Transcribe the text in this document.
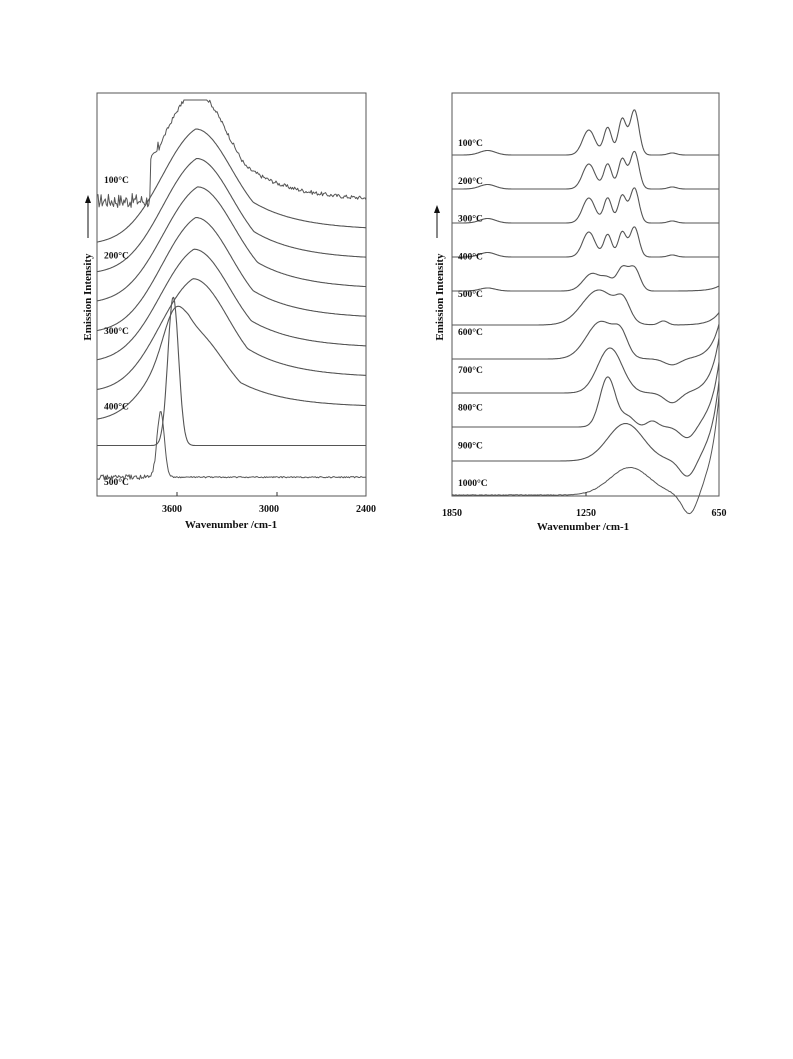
100°C
200°C
300°C
400°C
500°C
3600	3000	2400
Wavenumber /cm-1
Emission Intensity
100°C
200°C
300°C
400°C
500°C
600°C
700°C
800°C
900°C
1000°C
1850	1250	650
Wavenumber /cm-1
Emission Intensity
